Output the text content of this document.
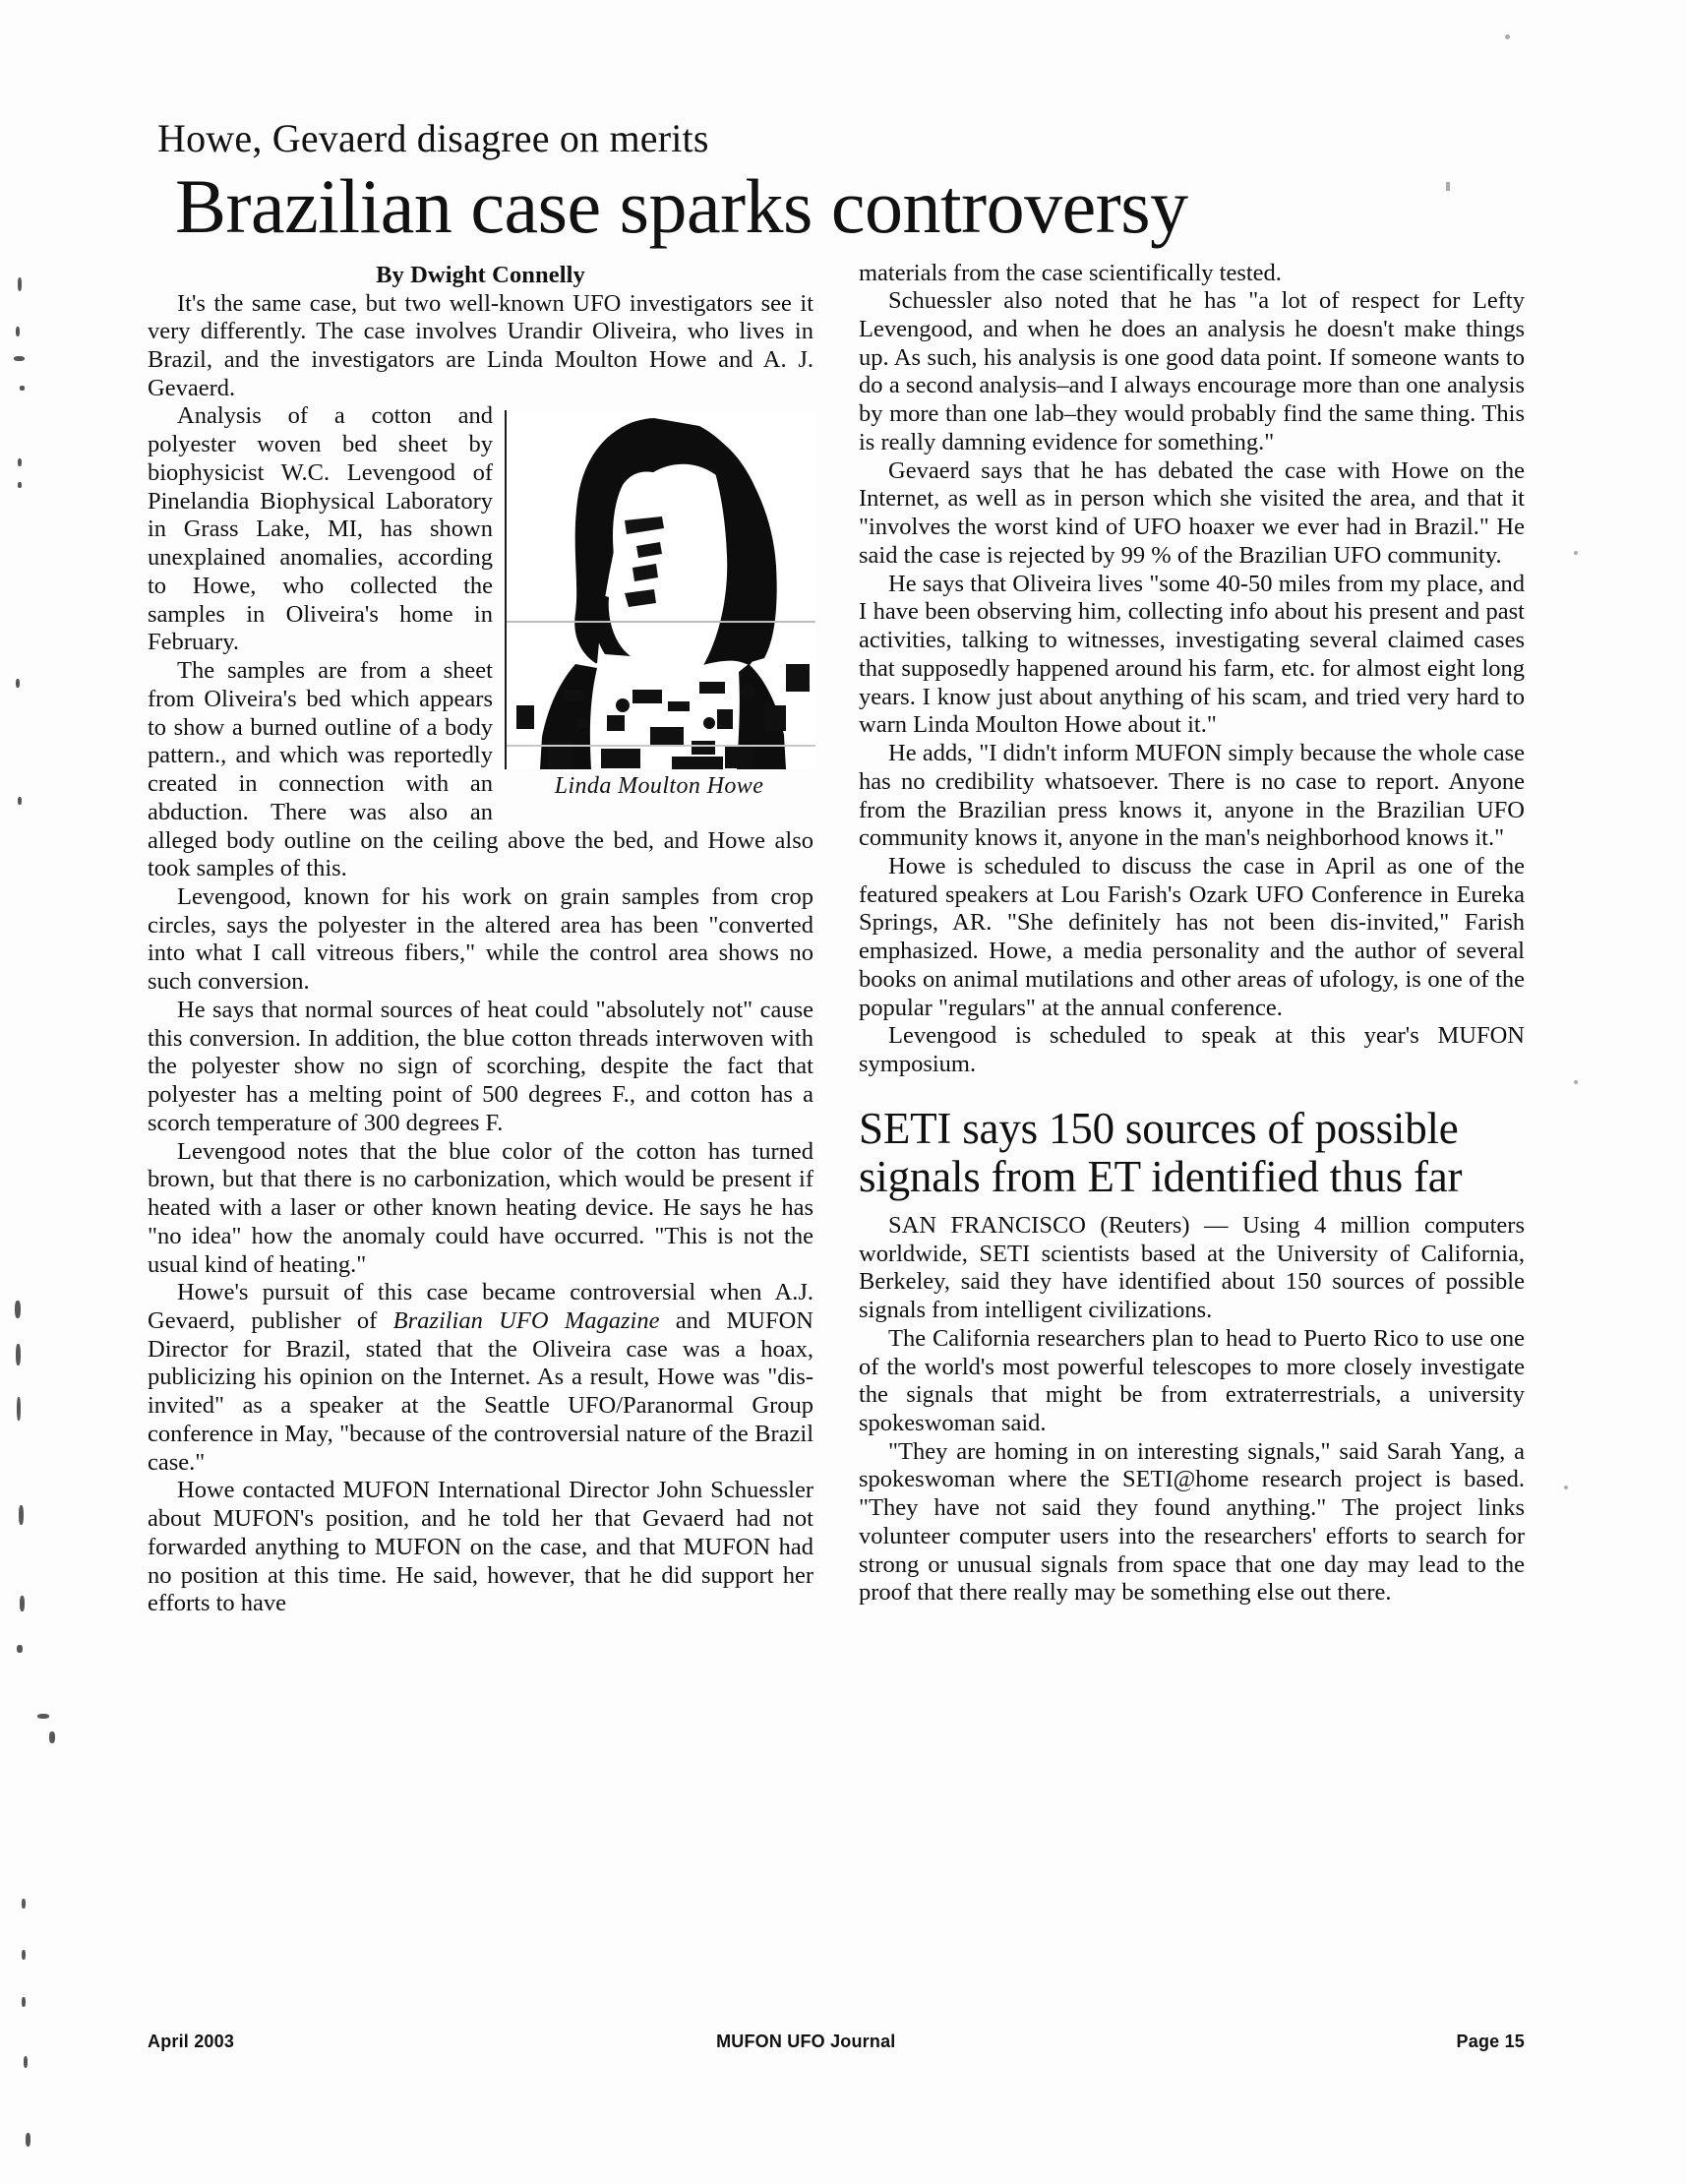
Howe, Gevaerd disagree on merits
Brazilian case sparks controversy
By Dwight Connelly

It's the same case, but two well-known UFO investigators see it very differently. The case involves Urandir Oliveira, who lives in Brazil, and the investigators are Linda Moulton Howe and A. J. Gevaerd.

Linda Moulton Howe

Analysis of a cotton and polyester woven bed sheet by biophysicist W.C. Levengood of Pinelandia Biophysical Laboratory in Grass Lake, MI, has shown unexplained anomalies, according to Howe, who collected the samples in Oliveira's home in February.

The samples are from a sheet from Oliveira's bed which appears to show a burned outline of a body pattern., and which was reportedly created in connection with an abduction. There was also an alleged body outline on the ceiling above the bed, and Howe also took samples of this.

Levengood, known for his work on grain samples from crop circles, says the polyester in the altered area has been "converted into what I call vitreous fibers," while the control area shows no such conversion.

He says that normal sources of heat could "absolutely not" cause this conversion. In addition, the blue cotton threads interwoven with the polyester show no sign of scorching, despite the fact that polyester has a melting point of 500 degrees F., and cotton has a scorch temperature of 300 degrees F.

Levengood notes that the blue color of the cotton has turned brown, but that there is no carbonization, which would be present if heated with a laser or other known heating device. He says he has "no idea" how the anomaly could have occurred. "This is not the usual kind of heating."

Howe's pursuit of this case became controversial when A.J. Gevaerd, publisher of Brazilian UFO Magazine and MUFON Director for Brazil, stated that the Oliveira case was a hoax, publicizing his opinion on the Internet. As a result, Howe was "dis-invited" as a speaker at the Seattle UFO/Paranormal Group conference in May, "because of the controversial nature of the Brazil case."

Howe contacted MUFON International Director John Schuessler about MUFON's position, and he told her that Gevaerd had not forwarded anything to MUFON on the case, and that MUFON had no position at this time. He said, however, that he did support her efforts to have

materials from the case scientifically tested.

Schuessler also noted that he has "a lot of respect for Lefty Levengood, and when he does an analysis he doesn't make things up. As such, his analysis is one good data point. If someone wants to do a second analysis–and I always encourage more than one analysis by more than one lab–they would probably find the same thing. This is really damning evidence for something."

Gevaerd says that he has debated the case with Howe on the Internet, as well as in person which she visited the area, and that it "involves the worst kind of UFO hoaxer we ever had in Brazil." He said the case is rejected by 99 % of the Brazilian UFO community.

He says that Oliveira lives "some 40-50 miles from my place, and I have been observing him, collecting info about his present and past activities, talking to witnesses, investigating several claimed cases that supposedly happened around his farm, etc. for almost eight long years. I know just about anything of his scam, and tried very hard to warn Linda Moulton Howe about it."

He adds, "I didn't inform MUFON simply because the whole case has no credibility whatsoever. There is no case to report. Anyone from the Brazilian press knows it, anyone in the Brazilian UFO community knows it, anyone in the man's neighborhood knows it."

Howe is scheduled to discuss the case in April as one of the featured speakers at Lou Farish's Ozark UFO Conference in Eureka Springs, AR. "She definitely has not been dis-invited," Farish emphasized. Howe, a media personality and the author of several books on animal mutilations and other areas of ufology, is one of the popular "regulars" at the annual conference.

Levengood is scheduled to speak at this year's MUFON symposium.

SETI says 150 sources of possible signals from ET identified thus far

SAN FRANCISCO (Reuters) — Using 4 million computers worldwide, SETI scientists based at the University of California, Berkeley, said they have identified about 150 sources of possible signals from intelligent civilizations.

The California researchers plan to head to Puerto Rico to use one of the world's most powerful telescopes to more closely investigate the signals that might be from extraterrestrials, a university spokeswoman said.

"They are homing in on interesting signals," said Sarah Yang, a spokeswoman where the SETI@home research project is based. "They have not said they found anything." The project links volunteer computer users into the researchers' efforts to search for strong or unusual signals from space that one day may lead to the proof that there really may be something else out there.

April 2003	MUFON UFO Journal	Page 15
